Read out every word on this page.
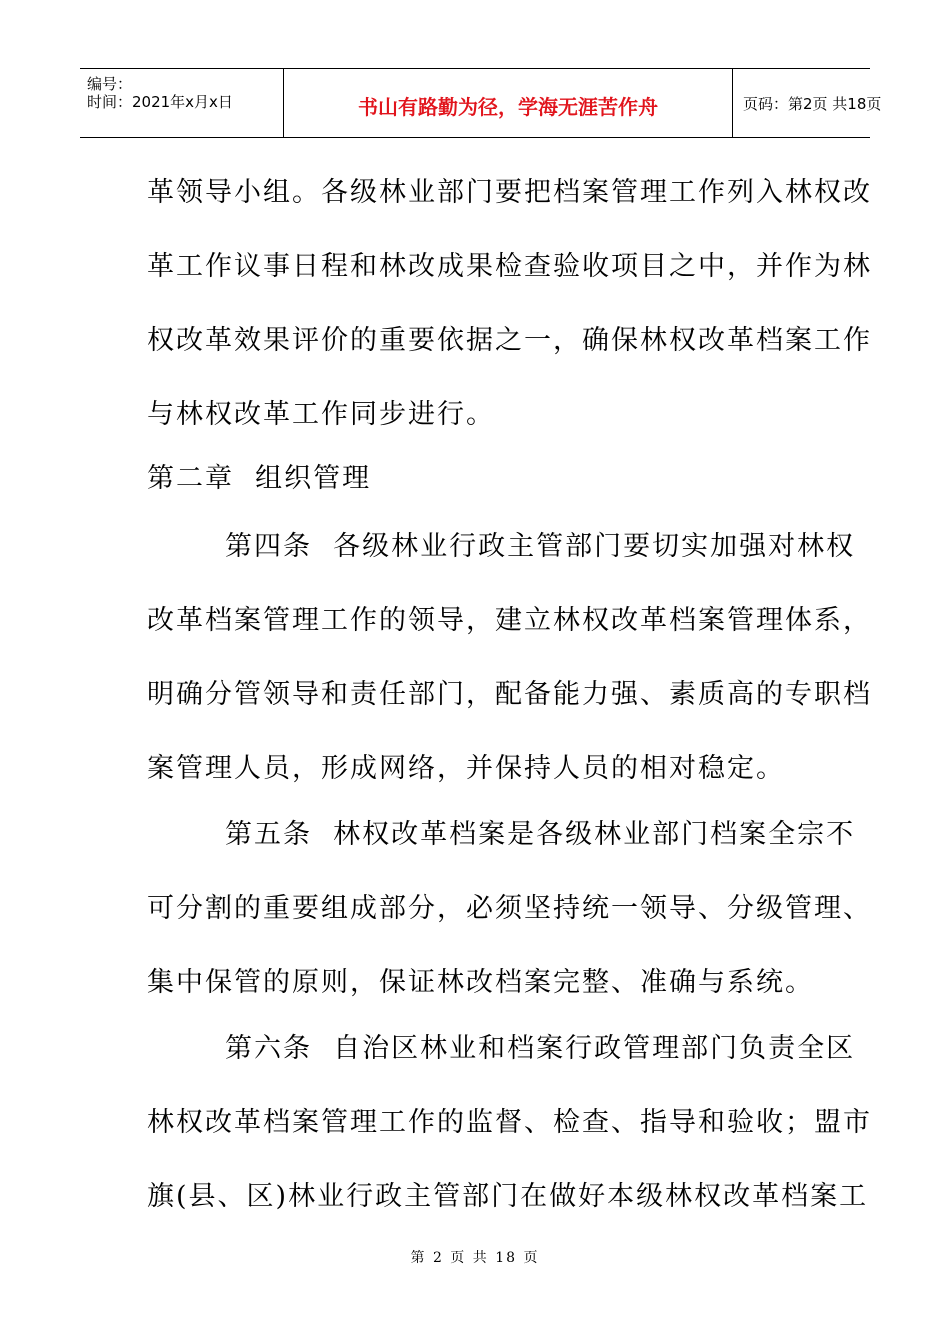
编号：
时间：2021年x月x日	书山有路勤为径，学海无涯苦作舟	页码：第2页 共18页
革领导小组。各级林业部门要把档案管理工作列入林权改
革工作议事日程和林改成果检查验收项目之中，并作为林
权改革效果评价的重要依据之一，确保林权改革档案工作
与林权改革工作同步进行。
第二章  组织管理
第四条  各级林业行政主管部门要切实加强对林权
改革档案管理工作的领导，建立林权改革档案管理体系，
明确分管领导和责任部门，配备能力强、素质高的专职档
案管理人员，形成网络，并保持人员的相对稳定。
第五条  林权改革档案是各级林业部门档案全宗不
可分割的重要组成部分，必须坚持统一领导、分级管理、
集中保管的原则，保证林改档案完整、准确与系统。
第六条  自治区林业和档案行政管理部门负责全区
林权改革档案管理工作的监督、检查、指导和验收；盟市
旗(县、区)林业行政主管部门在做好本级林权改革档案工
第 2 页 共 18 页
